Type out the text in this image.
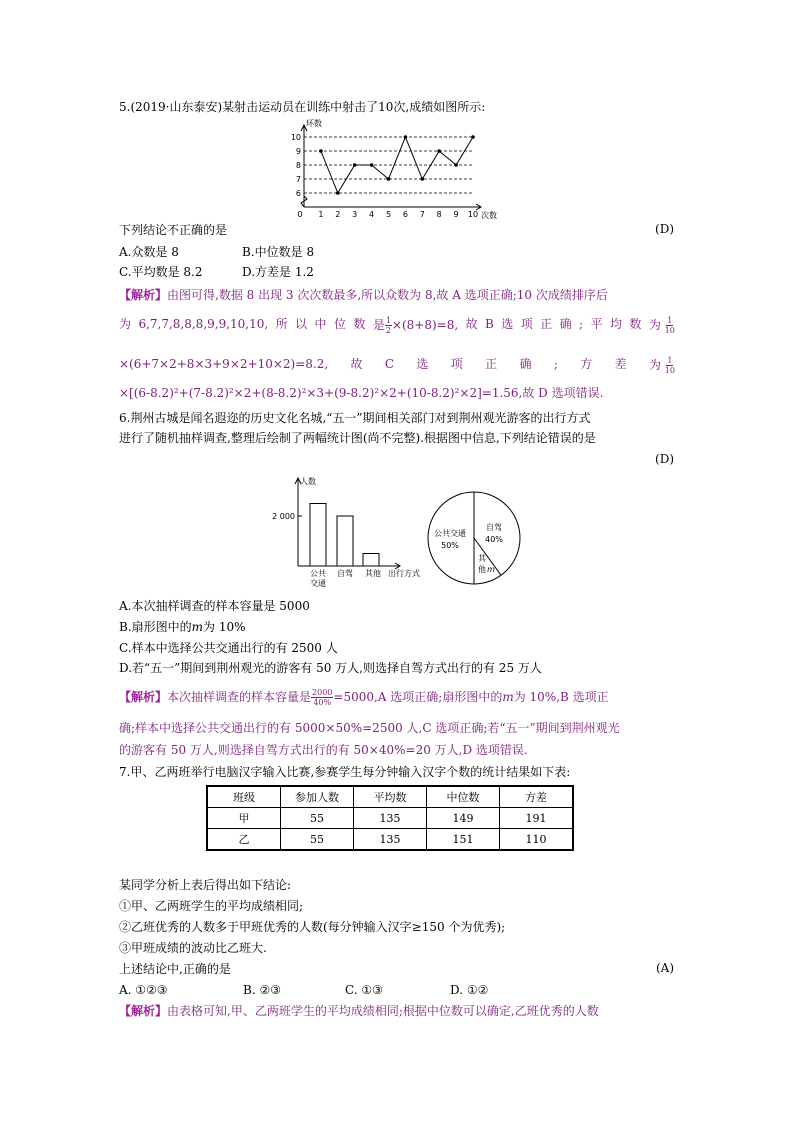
5.(2019·山东泰安)某射击运动员在训练中射击了10次,成绩如图所示:
6
7
8
9
10
0 1 2 3 4 5 6 7 8 9 10
环数
次数
下列结论不正确的是	(D)
A.众数是 8	B.中位数是 8
C.平均数是 8.2	D.方差是 1.2
【解析】由图可得,数据 8 出现 3 次次数最多,所以众数为 8,故 A 选项正确;10 次成绩排序后
为 6,7,7,8,8,8,9,9,10,10, 所 以 中 位 数 是 $\frac{1}{2} \times(8+8)=8$, 故 B 选 项 正 确 ; 平 均 数 为 $\frac{1}{10}$
×(6+7×2+8×3+9×2+10×2)=8.2, 故 C 选 项 正 确 ; 方 差 为 $\frac{1}{10}$
×[(6-8.2)²+(7-8.2)²×2+(8-8.2)²×3+(9-8.2)²×2+(10-8.2)²×2]=1.56,故 D 选项错误.
6.荆州古城是闻名遐迩的历史文化名城,“五一”期间相关部门对到荆州观光游客的出行方式
进行了随机抽样调查,整理后绘制了两幅统计图(尚不完整).根据图中信息,下列结论错误的是
(D)
人数
2 000
公共
交通
自驾 其他 出行方式
公共交通
50%
自驾
40%
其
他 m
A.本次抽样调查的样本容量是 5000
B.扇形图中的m为 10%
C.样本中选择公共交通出行的有 2500 人
D.若“五一”期间到荆州观光的游客有 50 万人,则选择自驾方式出行的有 25 万人
【解析】本次抽样调查的样本容量是 $\frac{2000}{40\%} =5000,A$ 选项正确;扇形图中的m为 10%,B 选项正
确;样本中选择公共交通出行的有 5000×50%=2500 人,C 选项正确;若“五一”期间到荆州观光
的游客有 50 万人,则选择自驾方式出行的有 50×40%=20 万人,D 选项错误.
7.甲、乙两班举行电脑汉字输入比赛,参赛学生每分钟输入汉字个数的统计结果如下表:
班级	参加人数	平均数	中位数	方差
甲	55	135	149	191
乙	55	135	151	110
某同学分析上表后得出如下结论:
①甲、乙两班学生的平均成绩相同;
②乙班优秀的人数多于甲班优秀的人数(每分钟输入汉字≥150 个为优秀);
③甲班成绩的波动比乙班大.
上述结论中,正确的是	(A)
A. ①②③	B. ②③	C. ①③	D. ①②
【解析】由表格可知,甲、乙两班学生的平均成绩相同;根据中位数可以确定,乙班优秀的人数
